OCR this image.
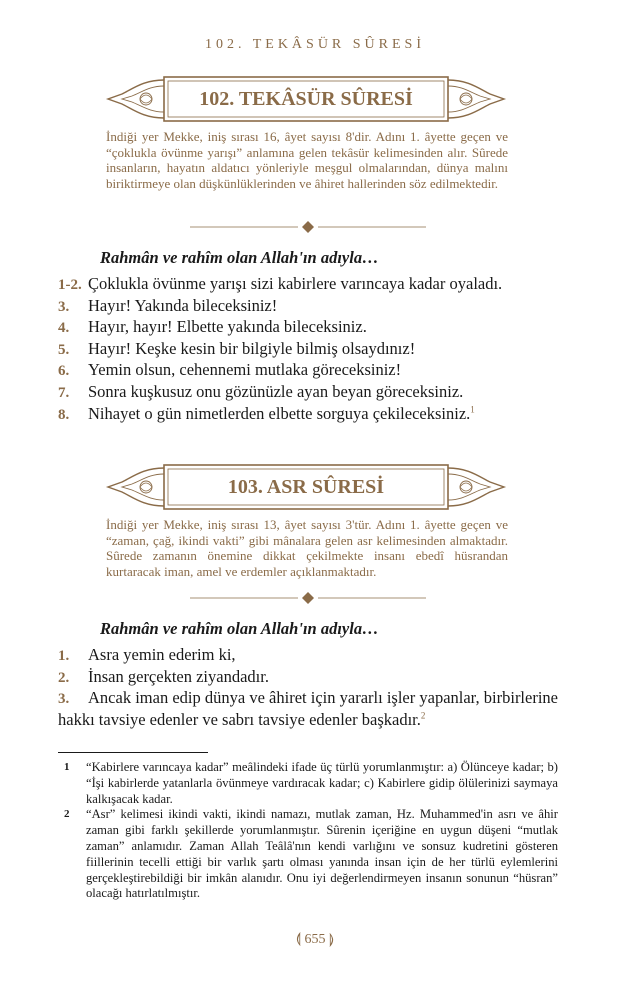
102. TEKÂSÜR SÛRESİ
102. TEKÂSÜR SÛRESİ

İndiği yer Mekke, iniş sırası 16, âyet sayısı 8'dir. Adını 1. âyette geçen ve “çoklukla övünme yarışı” anlamına gelen tekâsür kelimesinden alır. Sûrede insanların, hayatın aldatıcı yönleriyle meşgul olmalarından, dünya malını biriktirmeye olan düşkünlüklerinden ve âhiret hallerinden söz edilmektedir.

Rahmân ve rahîm olan Allah'ın adıyla…

1-2. Çoklukla övünme yarışı sizi kabirlere varıncaya kadar oyaladı.
3. Hayır! Yakında bileceksiniz!
4. Hayır, hayır! Elbette yakında bileceksiniz.
5. Hayır! Keşke kesin bir bilgiyle bilmiş olsaydınız!
6. Yemin olsun, cehennemi mutlaka göreceksiniz!
7. Sonra kuşkusuz onu gözünüzle ayan beyan göreceksiniz.
8. Nihayet o gün nimetlerden elbette sorguya çekileceksiniz.$^1$
103. ASR SÛRESİ

İndiği yer Mekke, iniş sırası 13, âyet sayısı 3'tür. Adını 1. âyette geçen ve “zaman, çağ, ikindi vakti” gibi mânalara gelen asr kelimesinden almaktadır. Sûrede zamanın önemine dikkat çekilmekte insanı ebedî hüsrandan kurtaracak iman, amel ve erdemler açıklanmaktadır.

Rahmân ve rahîm olan Allah'ın adıyla…

1. Asra yemin ederim ki,
2. İnsan gerçekten ziyandadır.
3. Ancak iman edip dünya ve âhiret için yararlı işler yapanlar, birbirlerine hakkı tavsiye edenler ve sabrı tavsiye edenler başkadır.$^2$

1 “Kabirlere varıncaya kadar” meâlindeki ifade üç türlü yorumlanmıştır: a) Ölünceye kadar; b) “İşi kabirlerde yatanlarla övünmeye vardıracak kadar; c) Kabirlere gidip ölülerinizi saymaya kalkışacak kadar.

2 “Asr” kelimesi ikindi vakti, ikindi namazı, mutlak zaman, Hz. Muhammed'in asrı ve âhir zaman gibi farklı şekillerde yorumlanmıştır. Sûrenin içeriğine en uygun düşeni “mutlak zaman” anlamıdır. Zaman Allah Teâlâ'nın kendi varlığını ve sonsuz kudretini gösteren fiillerinin tecelli ettiği bir varlık şartı olması yanında insan için de her türlü eylemlerini gerçekleştirebildiği bir imkân alanıdır. Onu iyi değerlendirmeyen insanın sonunun “hüsran” olacağı hatırlatılmıştır.

⟬ 655 ⟭
